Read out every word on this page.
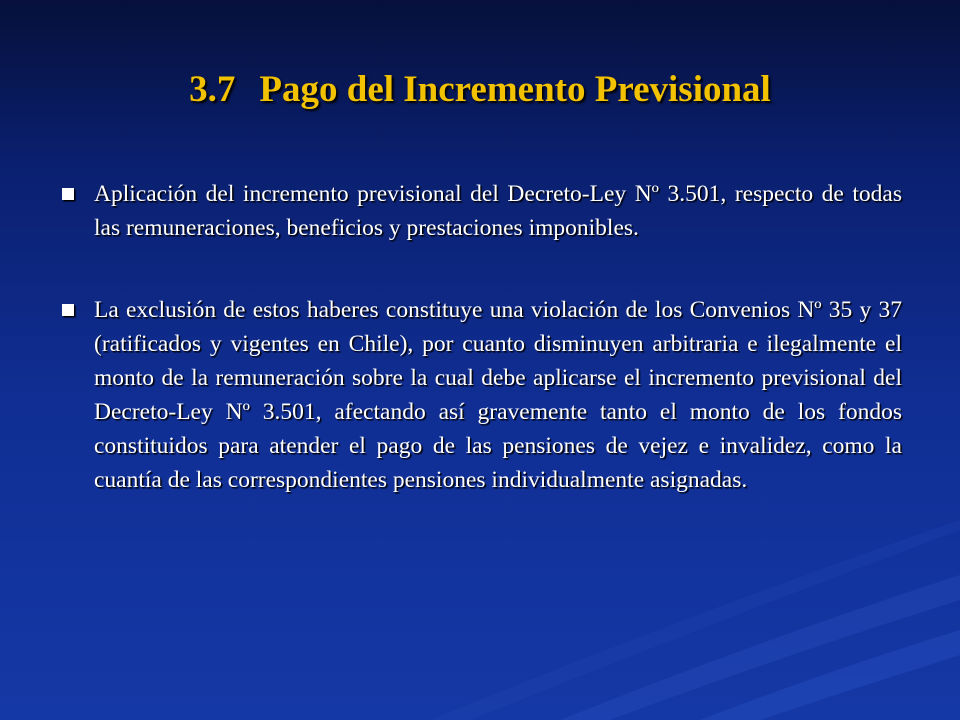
3.7 Pago del Incremento Previsional
Aplicación del incremento previsional del Decreto-Ley Nº 3.501, respecto de todas las remuneraciones, beneficios y prestaciones imponibles.
La exclusión de estos haberes constituye una violación de los Convenios Nº 35 y 37 (ratificados y vigentes en Chile), por cuanto disminuyen arbitraria e ilegalmente el monto de la remuneración sobre la cual debe aplicarse el incremento previsional del Decreto-Ley Nº 3.501, afectando así gravemente tanto el monto de los fondos constituidos para atender el pago de las pensiones de vejez e invalidez, como la cuantía de las correspondientes pensiones individualmente asignadas.
